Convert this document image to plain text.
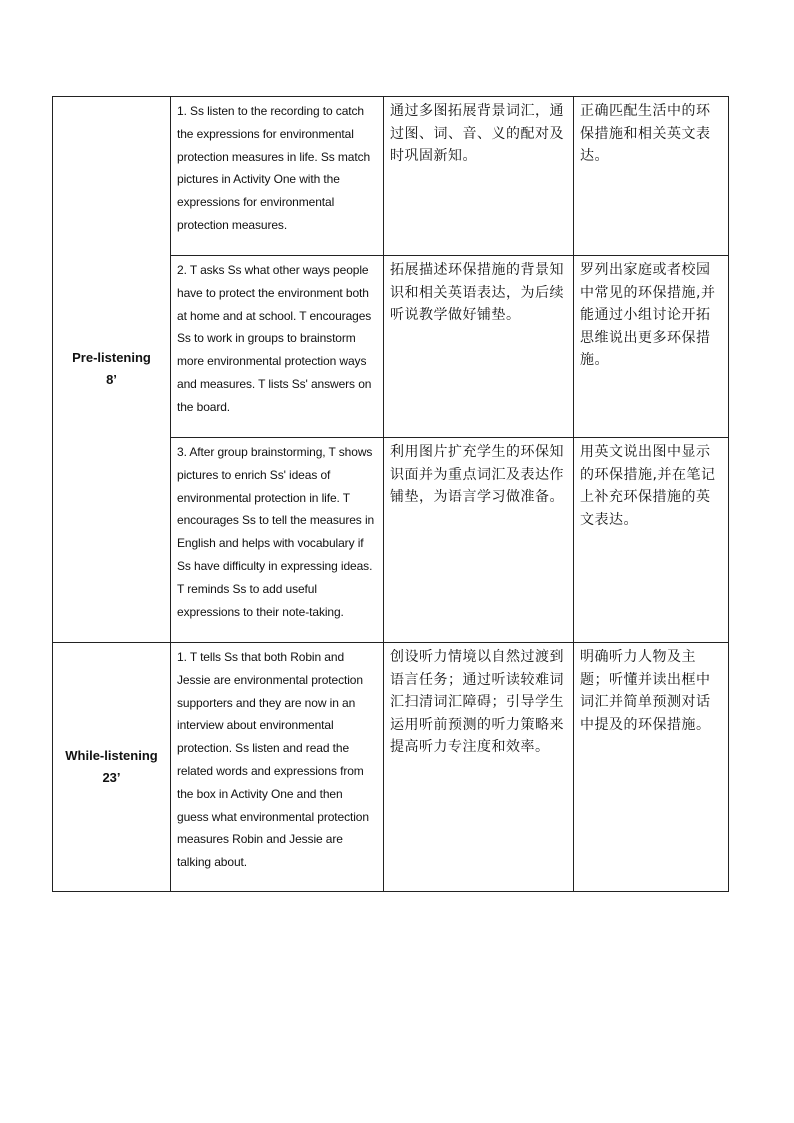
Pre-listening
8’	1. Ss listen to the recording to catch the expressions for environmental protection measures in life. Ss match pictures in Activity One with the expressions for environmental protection measures.	通过多图拓展背景词汇，通过图、词、音、义的配对及时巩固新知。	正确匹配生活中的环保措施和相关英文表达。
	2. T asks Ss what other ways people have to protect the environment both at home and at school. T encourages Ss to work in groups to brainstorm more environmental protection ways and measures. T lists Ss' answers on the board.	拓展描述环保措施的背景知识和相关英语表达，为后续听说教学做好铺垫。	罗列出家庭或者校园中常见的环保措施,并能通过小组讨论开拓思维说出更多环保措施。
	3. After group brainstorming, T shows pictures to enrich Ss' ideas of environmental protection in life. T encourages Ss to tell the measures in English and helps with vocabulary if Ss have difficulty in expressing ideas. T reminds Ss to add useful expressions to their note-taking.	利用图片扩充学生的环保知识面并为重点词汇及表达作铺垫，为语言学习做准备。	用英文说出图中显示的环保措施,并在笔记上补充环保措施的英文表达。

While-listening
23’	1. T tells Ss that both Robin and Jessie are environmental protection supporters and they are now in an interview about environmental protection. Ss listen and read the related words and expressions from the box in Activity One and then guess what environmental protection measures Robin and Jessie are talking about.	创设听力情境以自然过渡到语言任务；通过听读较难词汇扫清词汇障碍；引导学生运用听前预测的听力策略来提高听力专注度和效率。	明确听力人物及主题；听懂并读出框中词汇并简单预测对话中提及的环保措施。
